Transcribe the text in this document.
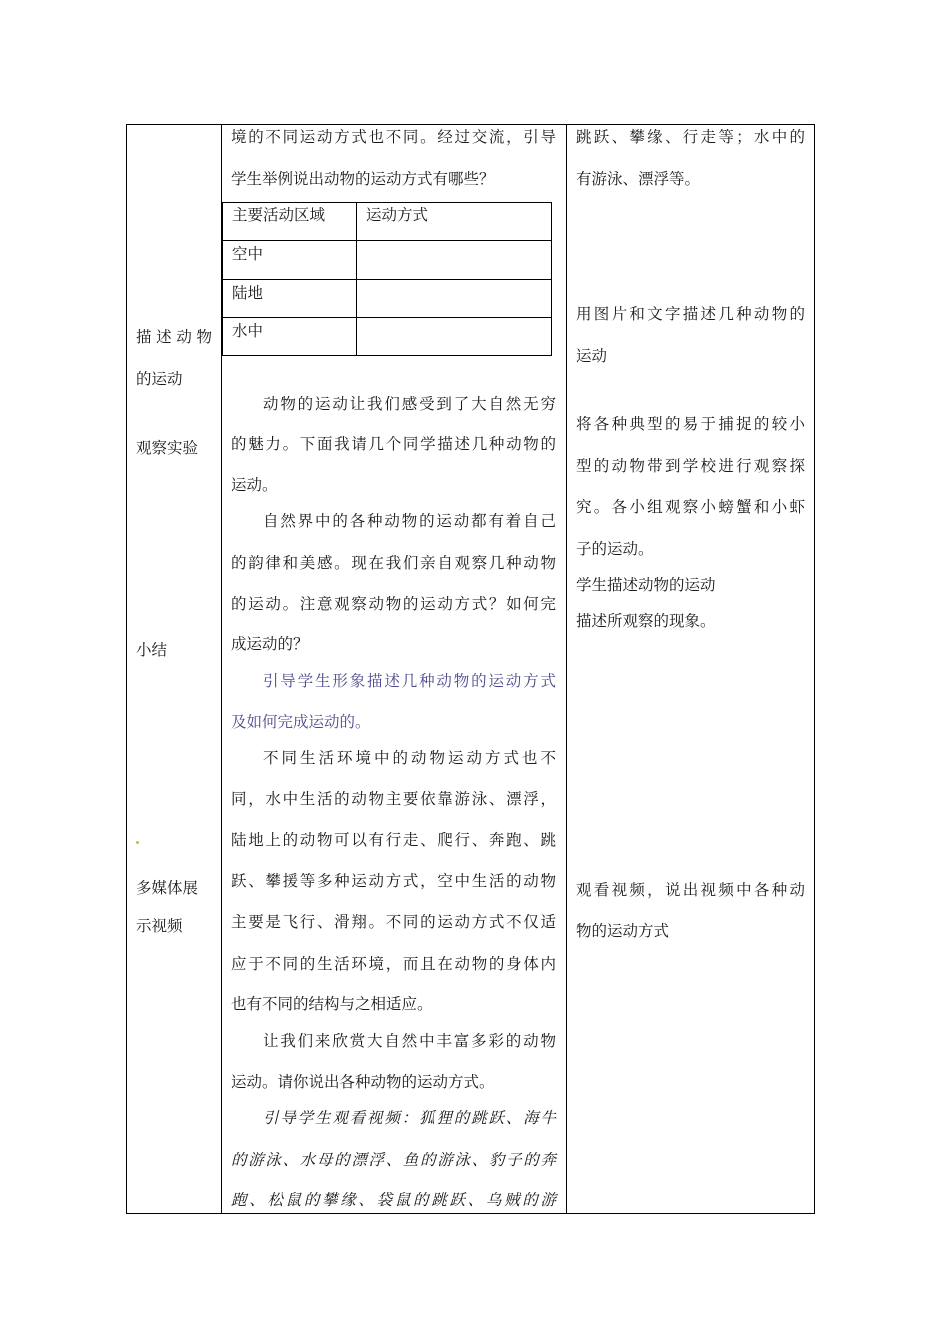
描述动物
的运动
观察实验
小结
多媒体展
示视频
境的不同运动方式也不同。经过交流，引导
学生举例说出动物的运动方式有哪些？
主要活动区域	运动方式
空中
陆地
水中
动物的运动让我们感受到了大自然无穷
的魅力。下面我请几个同学描述几种动物的
运动。
自然界中的各种动物的运动都有着自己
的韵律和美感。现在我们亲自观察几种动物
的运动。注意观察动物的运动方式？如何完
成运动的？
引导学生形象描述几种动物的运动方式
及如何完成运动的。
不同生活环境中的动物运动方式也不
同，水中生活的动物主要依靠游泳、漂浮，
陆地上的动物可以有行走、爬行、奔跑、跳
跃、攀援等多种运动方式，空中生活的动物
主要是飞行、滑翔。不同的运动方式不仅适
应于不同的生活环境，而且在动物的身体内
也有不同的结构与之相适应。
让我们来欣赏大自然中丰富多彩的动物
运动。请你说出各种动物的运动方式。
引导学生观看视频：狐狸的跳跃、海牛
的游泳、水母的漂浮、鱼的游泳、豹子的奔
跑、松鼠的攀缘、袋鼠的跳跃、乌贼的游
跳跃、攀缘、行走等；水中的
有游泳、漂浮等。
用图片和文字描述几种动物的
运动
将各种典型的易于捕捉的较小
型的动物带到学校进行观察探
究。各小组观察小螃蟹和小虾
子的运动。
学生描述动物的运动
描述所观察的现象。
观看视频，说出视频中各种动
物的运动方式
